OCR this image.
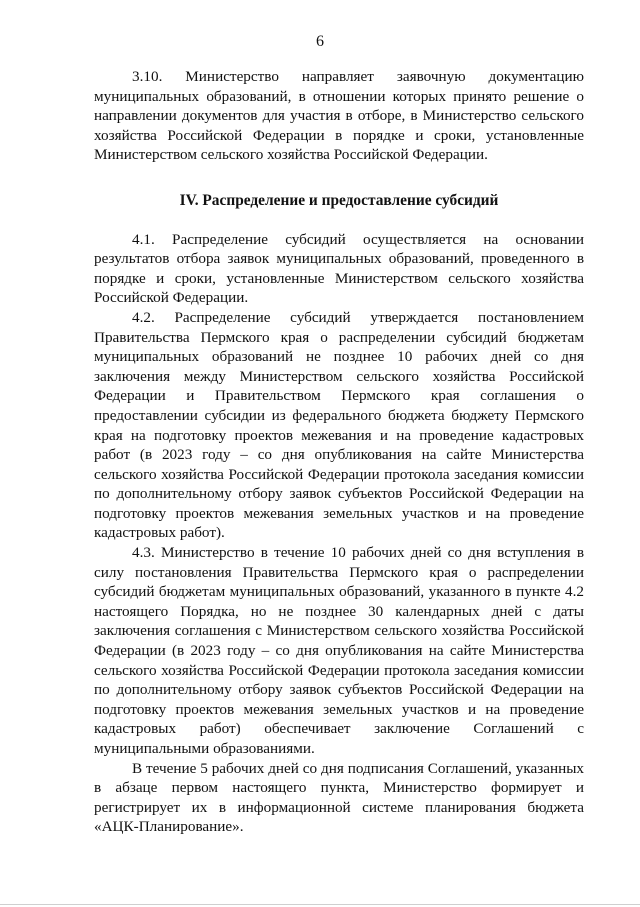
6

3.10. Министерство направляет заявочную документацию муниципальных образований, в отношении которых принято решение о направлении документов для участия в отборе, в Министерство сельского хозяйства Российской Федерации в порядке и сроки, установленные Министерством сельского хозяйства Российской Федерации.

IV. Распределение и предоставление субсидий

4.1. Распределение субсидий осуществляется на основании результатов отбора заявок муниципальных образований, проведенного в порядке и сроки, установленные Министерством сельского хозяйства Российской Федерации.

4.2. Распределение субсидий утверждается постановлением Правительства Пермского края о распределении субсидий бюджетам муниципальных образований не позднее 10 рабочих дней со дня заключения между Министерством сельского хозяйства Российской Федерации и Правительством Пермского края соглашения о предоставлении субсидии из федерального бюджета бюджету Пермского края на подготовку проектов межевания и на проведение кадастровых работ (в 2023 году – со дня опубликования на сайте Министерства сельского хозяйства Российской Федерации протокола заседания комиссии по дополнительному отбору заявок субъектов Российской Федерации на подготовку проектов межевания земельных участков и на проведение кадастровых работ).

4.3. Министерство в течение 10 рабочих дней со дня вступления в силу постановления Правительства Пермского края о распределении субсидий бюджетам муниципальных образований, указанного в пункте 4.2 настоящего Порядка, но не позднее 30 календарных дней с даты заключения соглашения с Министерством сельского хозяйства Российской Федерации (в 2023 году – со дня опубликования на сайте Министерства сельского хозяйства Российской Федерации протокола заседания комиссии по дополнительному отбору заявок субъектов Российской Федерации на подготовку проектов межевания земельных участков и на проведение кадастровых работ) обеспечивает заключение Соглашений с муниципальными образованиями.

В течение 5 рабочих дней со дня подписания Соглашений, указанных в абзаце первом настоящего пункта, Министерство формирует и регистрирует их в информационной системе планирования бюджета «АЦК-Планирование».
